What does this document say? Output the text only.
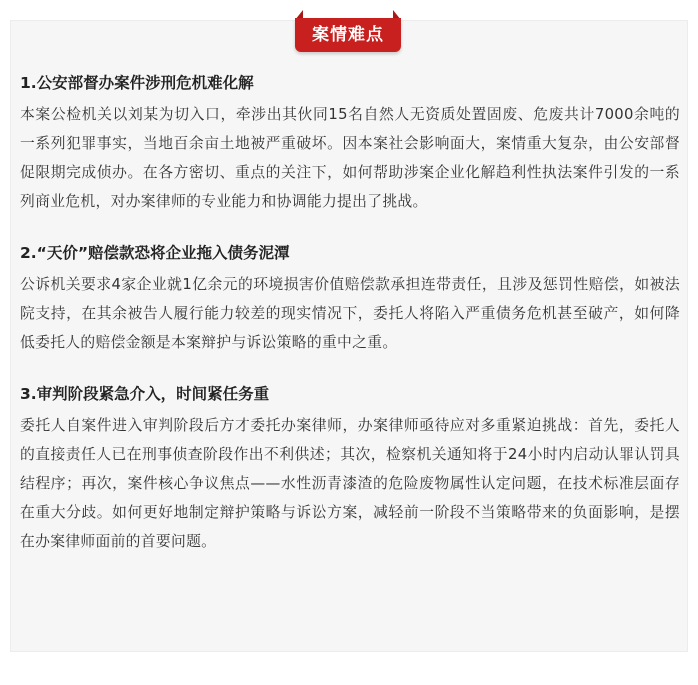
案情难点

1.公安部督办案件涉刑危机难化解

本案公检机关以刘某为切入口，牵涉出其伙同15名自然人无资质处置固废、危废共计7000余吨的一系列犯罪事实，当地百余亩土地被严重破坏。因本案社会影响面大，案情重大复杂，由公安部督促限期完成侦办。在各方密切、重点的关注下，如何帮助涉案企业化解趋利性执法案件引发的一系列商业危机，对办案律师的专业能力和协调能力提出了挑战。

2.“天价”赔偿款恐将企业拖入债务泥潭

公诉机关要求4家企业就1亿余元的环境损害价值赔偿款承担连带责任，且涉及惩罚性赔偿，如被法院支持，在其余被告人履行能力较差的现实情况下，委托人将陷入严重债务危机甚至破产，如何降低委托人的赔偿金额是本案辩护与诉讼策略的重中之重。

3.审判阶段紧急介入，时间紧任务重

委托人自案件进入审判阶段后方才委托办案律师，办案律师亟待应对多重紧迫挑战：首先，委托人的直接责任人已在刑事侦查阶段作出不利供述；其次，检察机关通知将于24小时内启动认罪认罚具结程序；再次，案件核心争议焦点——水性沥青漆渣的危险废物属性认定问题，在技术标准层面存在重大分歧。如何更好地制定辩护策略与诉讼方案，减轻前一阶段不当策略带来的负面影响，是摆在办案律师面前的首要问题。
